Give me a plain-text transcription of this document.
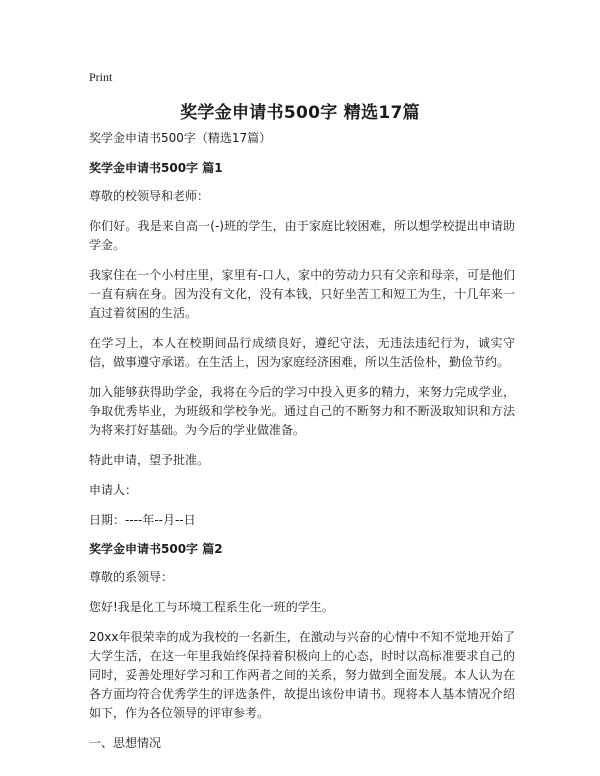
Print
奖学金申请书500字 精选17篇

奖学金申请书500字（精选17篇）

奖学金申请书500字 篇1

尊敬的校领导和老师：

你们好。我是来自高一(-)班的学生，由于家庭比较困难，所以想学校提出申请助学金。

我家住在一个小村庄里，家里有-口人，家中的劳动力只有父亲和母亲，可是他们一直有病在身。因为没有文化，没有本钱，只好坐苦工和短工为生，十几年来一直过着贫困的生活。

在学习上，本人在校期间品行成绩良好，遵纪守法，无违法违纪行为，诚实守信，做事遵守承诺。在生活上，因为家庭经济困难，所以生活俭朴，勤俭节约。

加入能够获得助学金，我将在今后的学习中投入更多的精力，来努力完成学业，争取优秀毕业，为班级和学校争光。通过自己的不断努力和不断汲取知识和方法为将来打好基础。为今后的学业做准备。

特此申请，望予批准。

申请人：

日期：----年--月--日

奖学金申请书500字 篇2

尊敬的系领导：

您好!我是化工与环境工程系生化一班的学生。

20xx年很荣幸的成为我校的一名新生，在激动与兴奋的心情中不知不觉地开始了大学生活，在这一年里我始终保持着积极向上的心态，时时以高标准要求自己的同时，妥善处理好学习和工作两者之间的关系，努力做到全面发展。本人认为在各方面均符合优秀学生的评选条件，故提出该份申请书。现将本人基本情况介绍如下，作为各位领导的评审参考。

一、思想情况
